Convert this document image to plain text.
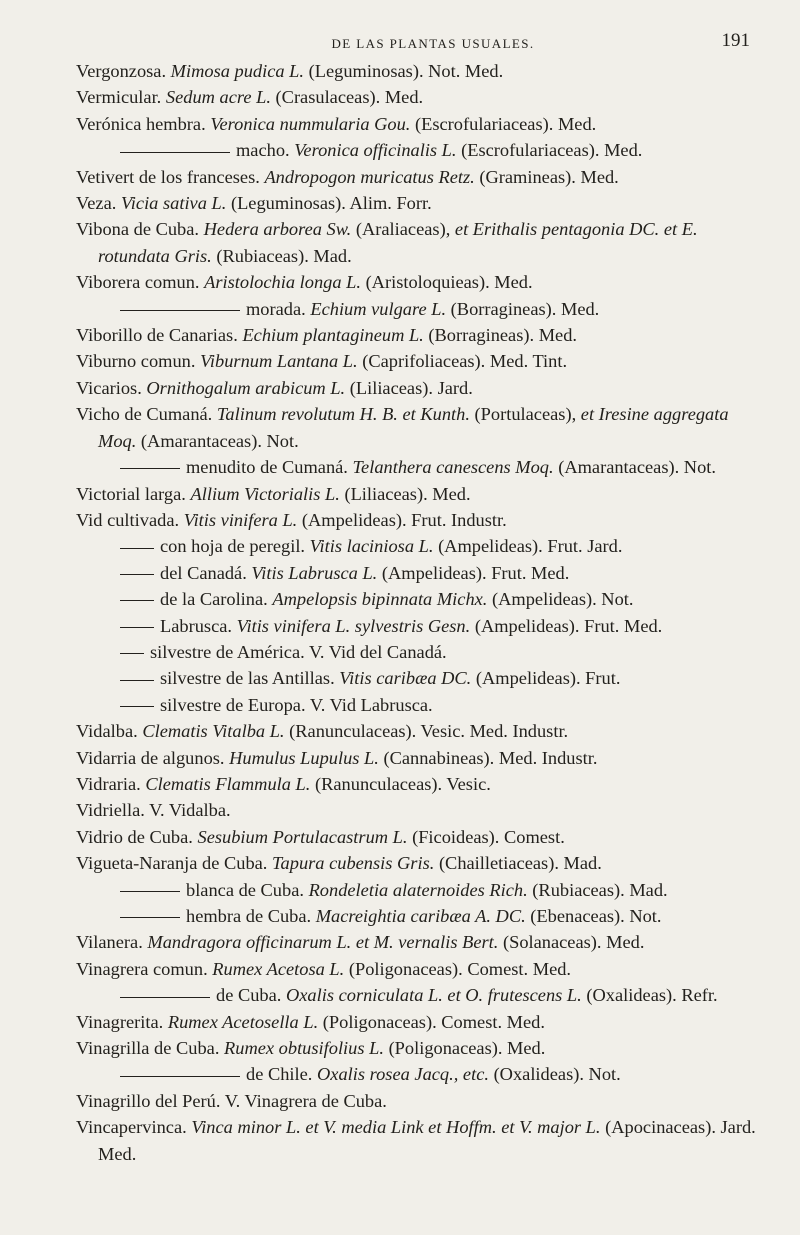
DE LAS PLANTAS USUALES.	191
Vergonzosa. Mimosa pudica L. (Leguminosas). Not. Med.
Vermicular. Sedum acre L. (Crasulaceas). Med.
Verónica hembra. Veronica nummularia Gou. (Escrofulariaceas). Med.
macho. Veronica officinalis L. (Escrofulariaceas). Med.
Vetivert de los franceses. Andropogon muricatus Retz. (Gramineas). Med.
Veza. Vicia sativa L. (Leguminosas). Alim. Forr.
Vibona de Cuba. Hedera arborea Sw. (Araliaceas), et Erithalis pentagonia DC. et E. rotundata Gris. (Rubiaceas). Mad.
Viborera comun. Aristolochia longa L. (Aristoloquieas). Med.
morada. Echium vulgare L. (Borragineas). Med.
Viborillo de Canarias. Echium plantagineum L. (Borragineas). Med.
Viburno comun. Viburnum Lantana L. (Caprifoliaceas). Med. Tint.
Vicarios. Ornithogalum arabicum L. (Liliaceas). Jard.
Vicho de Cumaná. Talinum revolutum H. B. et Kunth. (Portulaceas), et Iresine aggregata Moq. (Amarantaceas). Not.
menudito de Cumaná. Telanthera canescens Moq. (Amarantaceas). Not.
Victorial larga. Allium Victorialis L. (Liliaceas). Med.
Vid cultivada. Vitis vinifera L. (Ampelideas). Frut. Industr.
con hoja de peregil. Vitis laciniosa L. (Ampelideas). Frut. Jard.
del Canadá. Vitis Labrusca L. (Ampelideas). Frut. Med.
de la Carolina. Ampelopsis bipinnata Michx. (Ampelideas). Not.
Labrusca. Vitis vinifera L. sylvestris Gesn. (Ampelideas). Frut. Med.
silvestre de América. V. Vid del Canadá.
silvestre de las Antillas. Vitis caribæa DC. (Ampelideas). Frut.
silvestre de Europa. V. Vid Labrusca.
Vidalba. Clematis Vitalba L. (Ranunculaceas). Vesic. Med. Industr.
Vidarria de algunos. Humulus Lupulus L. (Cannabineas). Med. Industr.
Vidraria. Clematis Flammula L. (Ranunculaceas). Vesic.
Vidriella. V. Vidalba.
Vidrio de Cuba. Sesubium Portulacastrum L. (Ficoideas). Comest.
Vigueta-Naranja de Cuba. Tapura cubensis Gris. (Chailletiaceas). Mad.
blanca de Cuba. Rondeletia alaternoides Rich. (Rubiaceas). Mad.
hembra de Cuba. Macreightia caribæa A. DC. (Ebenaceas). Not.
Vilanera. Mandragora officinarum L. et M. vernalis Bert. (Solanaceas). Med.
Vinagrera comun. Rumex Acetosa L. (Poligonaceas). Comest. Med.
de Cuba. Oxalis corniculata L. et O. frutescens L. (Oxalideas). Refr.
Vinagrerita. Rumex Acetosella L. (Poligonaceas). Comest. Med.
Vinagrilla de Cuba. Rumex obtusifolius L. (Poligonaceas). Med.
de Chile. Oxalis rosea Jacq., etc. (Oxalideas). Not.
Vinagrillo del Perú. V. Vinagrera de Cuba.
Vincapervinca. Vinca minor L. et V. media Link et Hoffm. et V. major L. (Apocinaceas). Jard. Med.
